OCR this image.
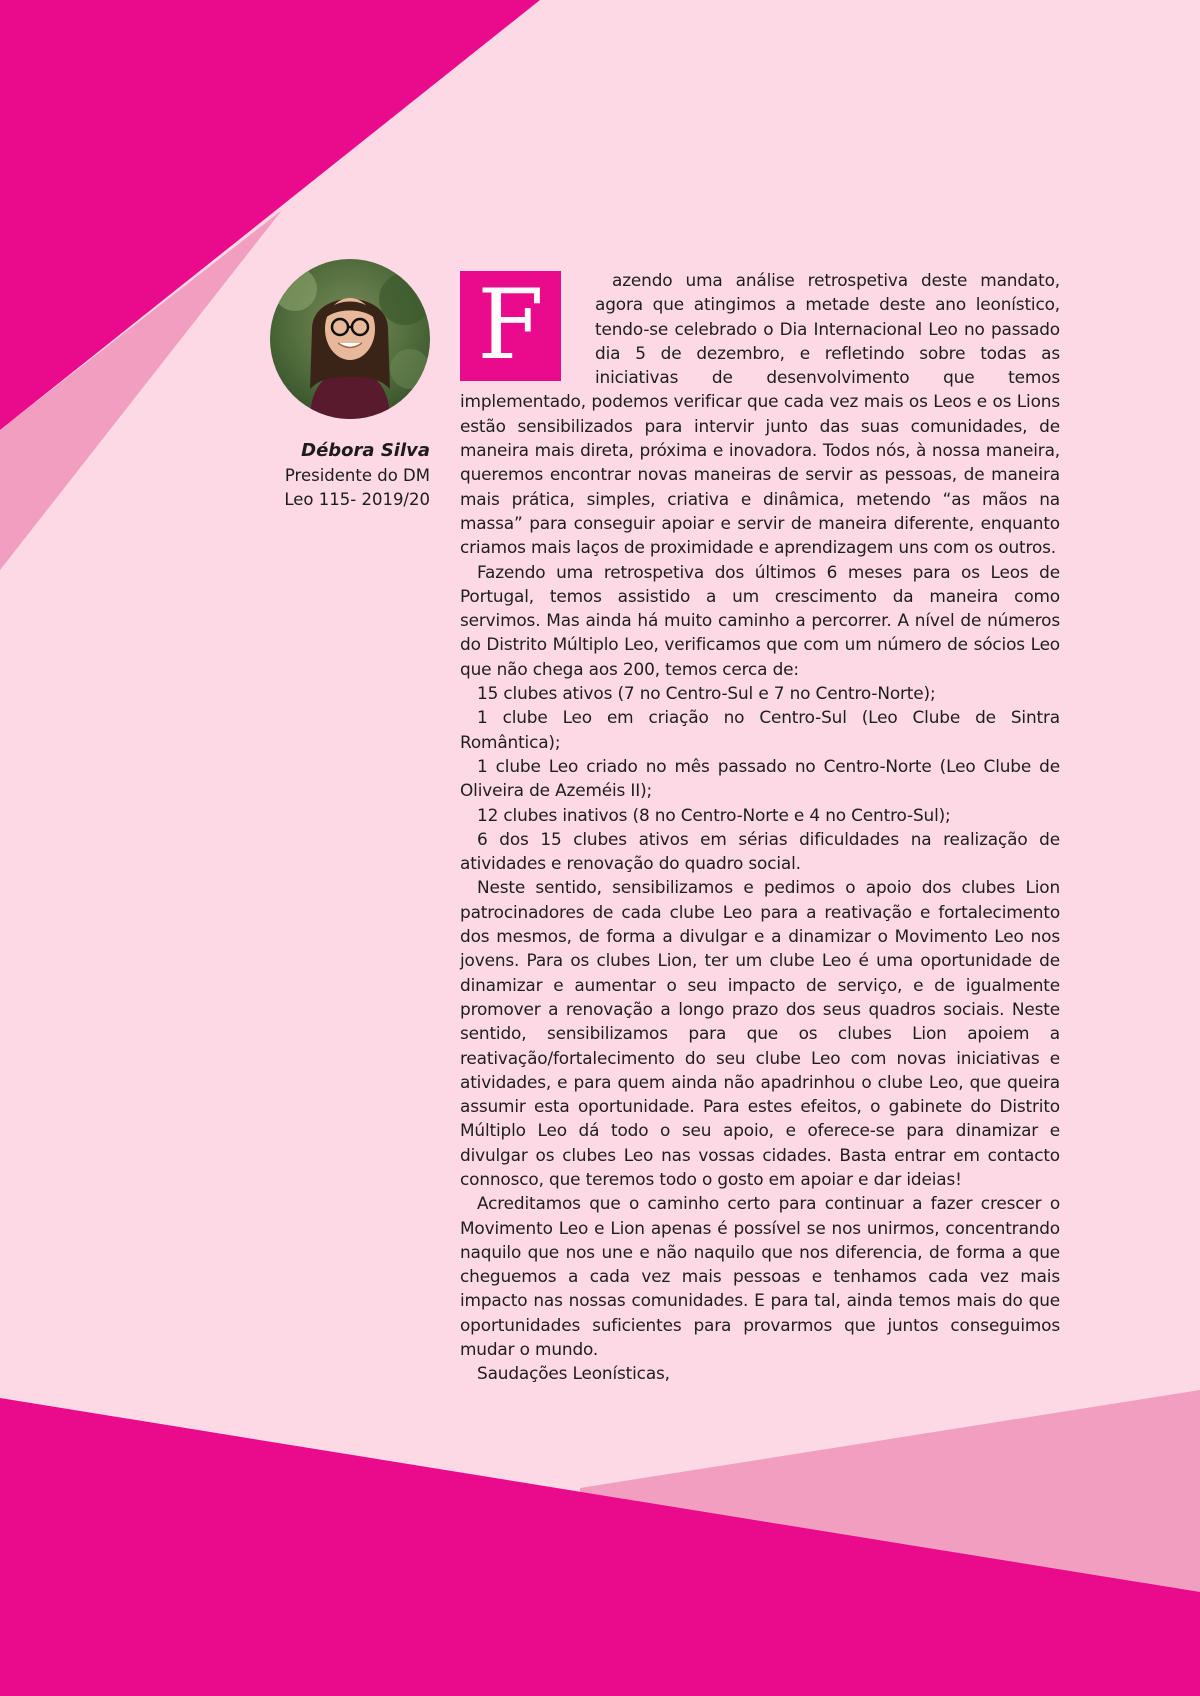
Débora Silva
Presidente do DM
Leo 115- 2019/20
F	azendo uma análise retrospetiva deste mandato, agora que atingimos a metade deste ano leonístico, tendo-se celebrado o Dia Internacional Leo no passado dia 5 de dezembro, e refletindo sobre todas as iniciativas de desenvolvimento que temos implementado, podemos verificar que cada vez mais os Leos e os Lions estão sensibilizados para intervir junto das suas comunidades, de maneira mais direta, próxima e inovadora. Todos nós, à nossa maneira, queremos encontrar novas maneiras de servir as pessoas, de maneira mais prática, simples, criativa e dinâmica, metendo “as mãos na massa” para conseguir apoiar e servir de maneira diferente, enquanto criamos mais laços de proximidade e aprendizagem uns com os outros.

Fazendo uma retrospetiva dos últimos 6 meses para os Leos de Portugal, temos assistido a um crescimento da maneira como servimos. Mas ainda há muito caminho a percorrer. A nível de números do Distrito Múltiplo Leo, verificamos que com um número de sócios Leo que não chega aos 200, temos cerca de:

15 clubes ativos (7 no Centro-Sul e 7 no Centro-Norte);

1 clube Leo em criação no Centro-Sul (Leo Clube de Sintra Romântica);

1 clube Leo criado no mês passado no Centro-Norte (Leo Clube de Oliveira de Azeméis II);

12 clubes inativos (8 no Centro-Norte e 4 no Centro-Sul);

6 dos 15 clubes ativos em sérias dificuldades na realização de atividades e renovação do quadro social.

Neste sentido, sensibilizamos e pedimos o apoio dos clubes Lion patrocinadores de cada clube Leo para a reativação e fortalecimento dos mesmos, de forma a divulgar e a dinamizar o Movimento Leo nos jovens. Para os clubes Lion, ter um clube Leo é uma oportunidade de dinamizar e aumentar o seu impacto de serviço, e de igualmente promover a renovação a longo prazo dos seus quadros sociais. Neste sentido, sensibilizamos para que os clubes Lion apoiem a reativação/fortalecimento do seu clube Leo com novas iniciativas e atividades, e para quem ainda não apadrinhou o clube Leo, que queira assumir esta oportunidade. Para estes efeitos, o gabinete do Distrito Múltiplo Leo dá todo o seu apoio, e oferece-se para dinamizar e divulgar os clubes Leo nas vossas cidades. Basta entrar em contacto connosco, que teremos todo o gosto em apoiar e dar ideias!

Acreditamos que o caminho certo para continuar a fazer crescer o Movimento Leo e Lion apenas é possível se nos unirmos, concentrando naquilo que nos une e não naquilo que nos diferencia, de forma a que cheguemos a cada vez mais pessoas e tenhamos cada vez mais impacto nas nossas comunidades. E para tal, ainda temos mais do que oportunidades suficientes para provarmos que juntos conseguimos mudar o mundo.

Saudações Leonísticas,
